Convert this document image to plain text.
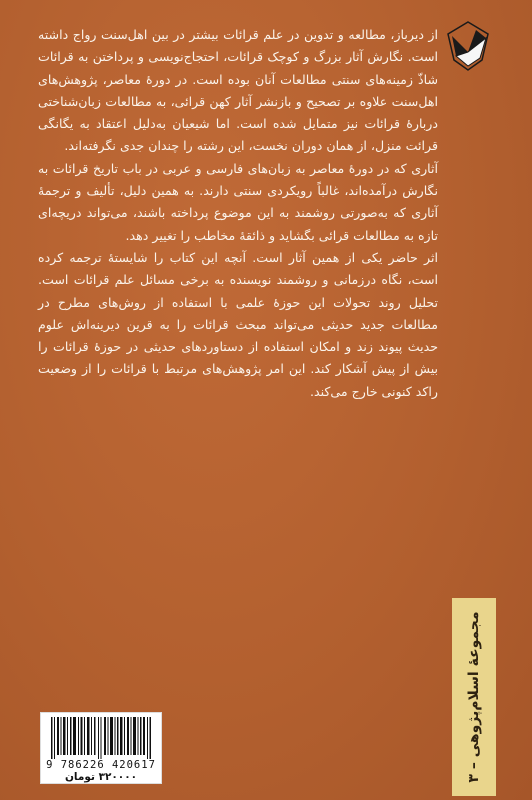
از دیرباز، مطالعه و تدوین در علم قرائات بیشتر در بین اهل‌سنت رواج داشته است. نگارش آثار بزرگ و کوچک قرائات، احتجاج‌نویسی و پرداختن به قرائات شاذّ زمینه‌های سنتی مطالعات آنان بوده است. در دورهٔ معاصر، پژوهش‌های اهل‌سنت علاوه بر تصحیح و بازنشر آثار کهن قرائی، به مطالعات زبان‌شناختی دربارهٔ قرائات نیز متمایل شده است. اما شیعیان به‌دلیل اعتقاد به یگانگی قرائت منزل، از همان دوران نخست، این رشته را چندان جدی نگرفته‌اند.

آثاری که در دورهٔ معاصر به زبان‌های فارسی و عربی در باب تاریخ قرائات به نگارش درآمده‌اند، غالباً رویکردی سنتی دارند. به همین دلیل، تألیف و ترجمهٔ آثاری که به‌صورتی روشمند به این موضوع پرداخته باشند، می‌تواند دریچه‌ای تازه به مطالعات قرائی بگشاید و ذائقهٔ مخاطب را تغییر دهد.

اثر حاضر یکی از همین آثار است. آنچه این کتاب را شایستهٔ ترجمه کرده است، نگاه درزمانی و روشمند نویسنده به برخی مسائل علم قرائات است. تحلیل روند تحولات این حوزهٔ علمی با استفاده از روش‌های مطرح در مطالعات جدید حدیثی می‌تواند مبحث قرائات را به قرین دیرینه‌اش علوم حدیث پیوند زند و امکان استفاده از دستاوردهای حدیثی در حوزهٔ قرائات را بیش از پیش آشکار کند. این امر پژوهش‌های مرتبط با قرائات را از وضعیت راکد کنونی خارج می‌کند.

مجموعهٔ اسلام‌پژوهی – ۳
9 786226 420617
۳۲۰۰۰۰ تومان
